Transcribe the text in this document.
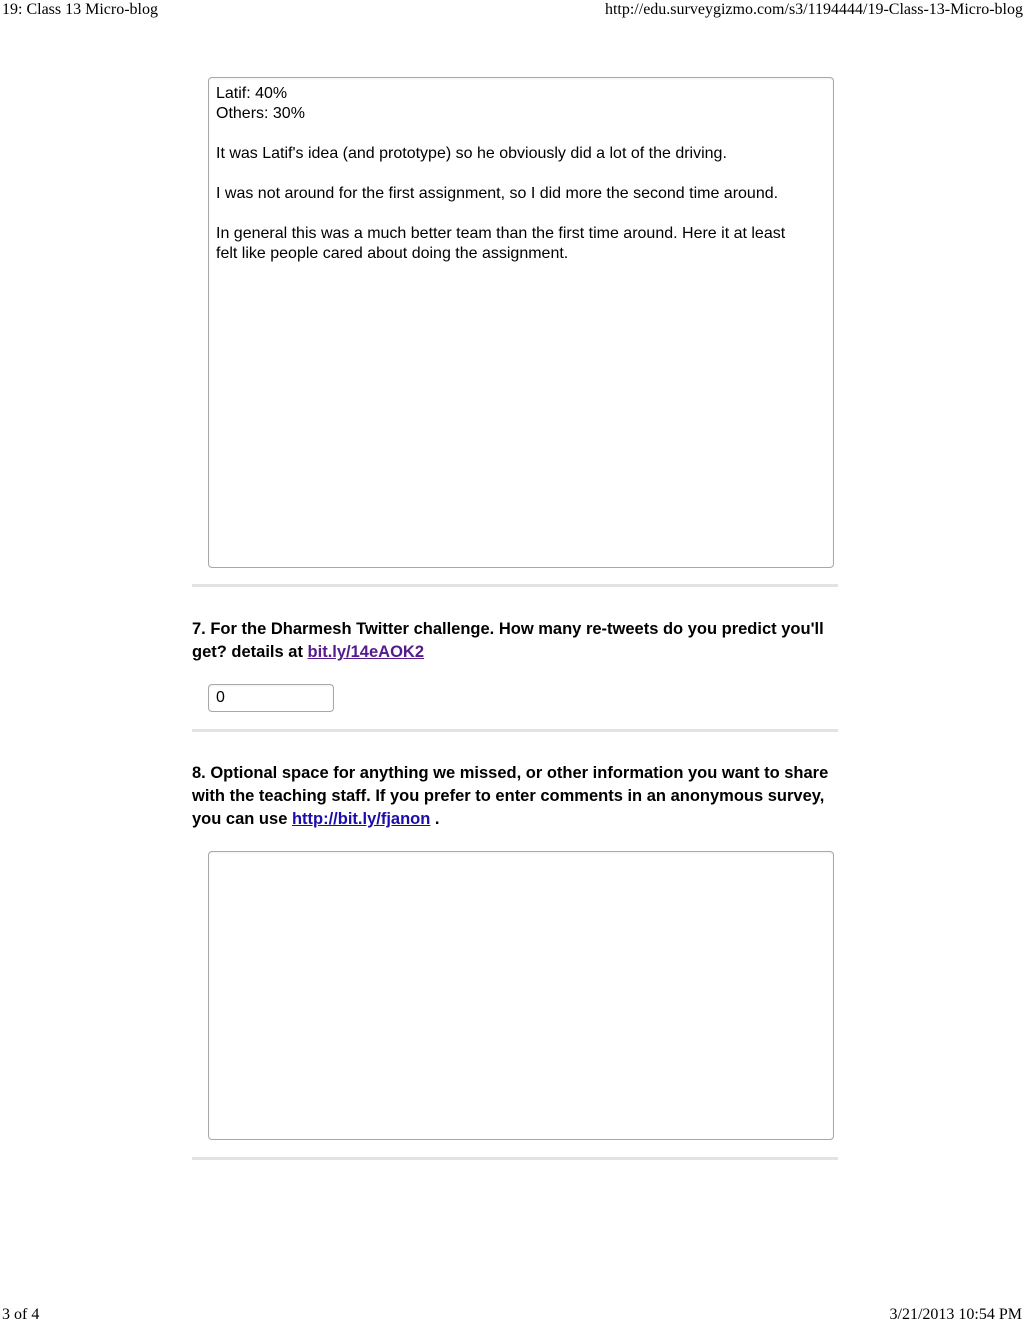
19: Class 13 Micro-blog	http://edu.surveygizmo.com/s3/1194444/19-Class-13-Micro-blog
Latif: 40%
Others: 30%
It was Latif's idea (and prototype) so he obviously did a lot of the driving.
I was not around for the first assignment, so I did more the second time around.
In general this was a much better team than the first time around. Here it at least
felt like people cared about doing the assignment.
7. For the Dharmesh Twitter challenge. How many re-tweets do you predict you'll get? details at bit.ly/14eAOK2
0
8. Optional space for anything we missed, or other information you want to share with the teaching staff. If you prefer to enter comments in an anonymous survey, you can use http://bit.ly/fjanon .
3 of 4	3/21/2013 10:54 PM
